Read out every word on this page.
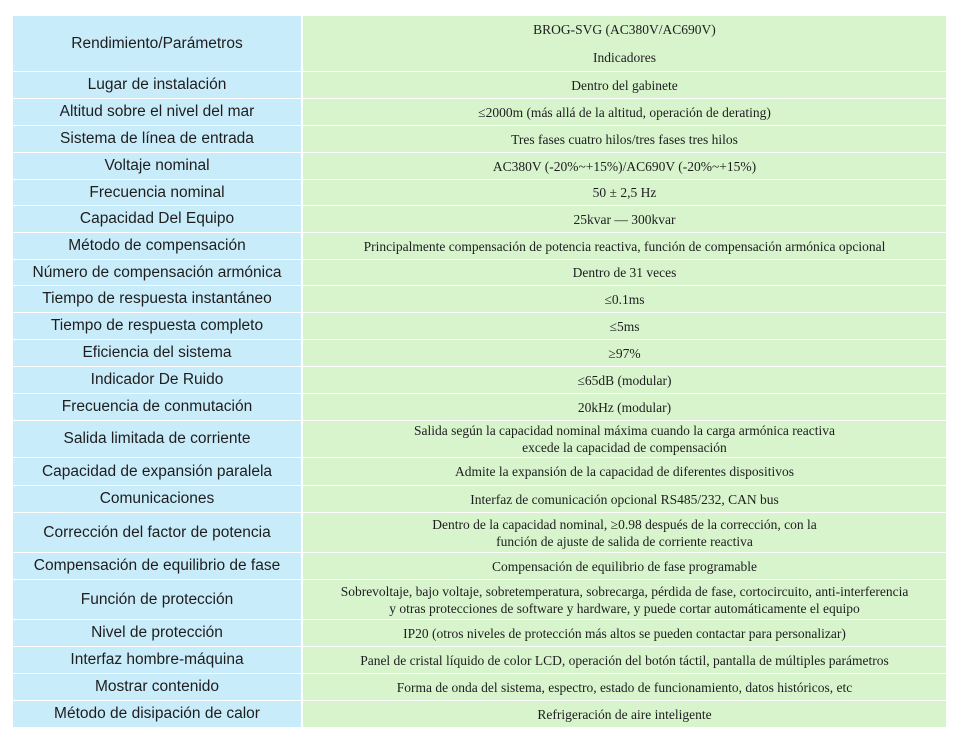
Rendimiento/Parámetros	BROG-SVG (AC380V/AC690V)
Indicadores

Lugar de instalación	Dentro del gabinete
Altitud sobre el nivel del mar	≤2000m (más allá de la altitud, operación de derating)
Sistema de línea de entrada	Tres fases cuatro hilos/tres fases tres hilos
Voltaje nominal	AC380V (-20%~+15%)/AC690V (-20%~+15%)
Frecuencia nominal	50 ± 2,5 Hz
Capacidad Del Equipo	25kvar — 300kvar
Método de compensación	Principalmente compensación de potencia reactiva, función de compensación armónica opcional
Número de compensación armónica	Dentro de 31 veces
Tiempo de respuesta instantáneo	≤0.1ms
Tiempo de respuesta completo	≤5ms
Eficiencia del sistema	≥97%
Indicador De Ruido	≤65dB (modular)
Frecuencia de conmutación	20kHz (modular)
Salida limitada de corriente	Salida según la capacidad nominal máxima cuando la carga armónica reactiva
excede la capacidad de compensación
Capacidad de expansión paralela	Admite la expansión de la capacidad de diferentes dispositivos
Comunicaciones	Interfaz de comunicación opcional RS485/232, CAN bus
Corrección del factor de potencia	Dentro de la capacidad nominal, ≥0.98 después de la corrección, con la
función de ajuste de salida de corriente reactiva
Compensación de equilibrio de fase	Compensación de equilibrio de fase programable
Función de protección	Sobrevoltaje, bajo voltaje, sobretemperatura, sobrecarga, pérdida de fase, cortocircuito, anti-interferencia
y otras protecciones de software y hardware, y puede cortar automáticamente el equipo
Nivel de protección	IP20 (otros niveles de protección más altos se pueden contactar para personalizar)
Interfaz hombre-máquina	Panel de cristal líquido de color LCD, operación del botón táctil, pantalla de múltiples parámetros
Mostrar contenido	Forma de onda del sistema, espectro, estado de funcionamiento, datos históricos, etc
Método de disipación de calor	Refrigeración de aire inteligente
